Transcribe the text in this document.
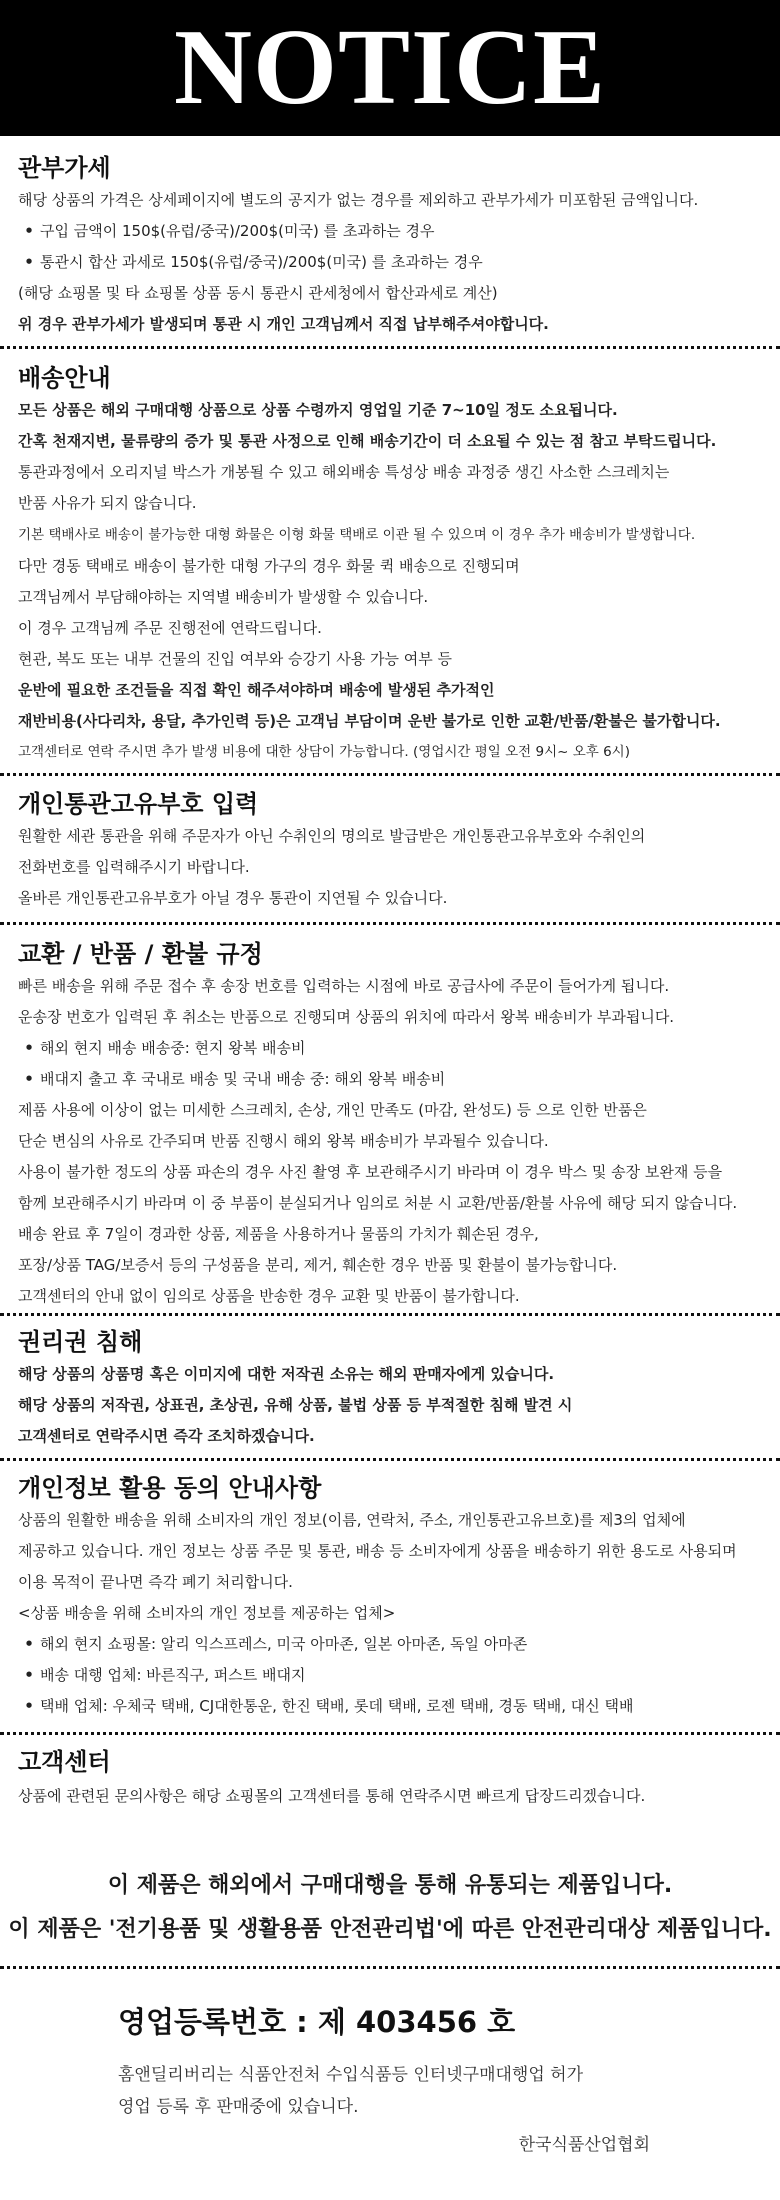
NOTICE
관부가세
해당 상품의 가격은 상세페이지에 별도의 공지가 없는 경우를 제외하고 관부가세가 미포함된 금액입니다.
• 구입 금액이 150$(유럽/중국)/200$(미국) 를 초과하는 경우
• 통관시 합산 과세로 150$(유럽/중국)/200$(미국) 를 초과하는 경우
(해당 쇼핑몰 및 타 쇼핑몰 상품 동시 통관시 관세청에서 합산과세로 계산)
위 경우 관부가세가 발생되며 통관 시 개인 고객님께서 직접 납부해주셔야합니다.
배송안내
모든 상품은 해외 구매대행 상품으로 상품 수령까지 영업일 기준 7~10일 정도 소요됩니다.
간혹 천재지변, 물류량의 증가 및 통관 사정으로 인해 배송기간이 더 소요될 수 있는 점 참고 부탁드립니다.
통관과정에서 오리지널 박스가 개봉될 수 있고 해외배송 특성상 배송 과정중 생긴 사소한 스크레치는
반품 사유가 되지 않습니다.
기본 택배사로 배송이 불가능한 대형 화물은 이형 화물 택배로 이관 될 수 있으며 이 경우 추가 배송비가 발생합니다.
다만 경동 택배로 배송이 불가한 대형 가구의 경우 화물 퀵 배송으로 진행되며
고객님께서 부담해야하는 지역별 배송비가 발생할 수 있습니다.
이 경우 고객님께 주문 진행전에 연락드립니다.
현관, 복도 또는 내부 건물의 진입 여부와 승강기 사용 가능 여부 등
운반에 필요한 조건들을 직접 확인 해주셔야하며 배송에 발생된 추가적인
재반비용(사다리차, 용달, 추가인력 등)은 고객님 부담이며 운반 불가로 인한 교환/반품/환불은 불가합니다.
고객센터로 연락 주시면 추가 발생 비용에 대한 상담이 가능합니다. (영업시간 평일 오전 9시~ 오후 6시)
개인통관고유부호 입력
원활한 세관 통관을 위해 주문자가 아닌 수취인의 명의로 발급받은 개인통관고유부호와 수취인의
전화번호를 입력해주시기 바랍니다.
올바른 개인통관고유부호가 아닐 경우 통관이 지연될 수 있습니다.
교환 / 반품 / 환불 규정
빠른 배송을 위해 주문 접수 후 송장 번호를 입력하는 시점에 바로 공급사에 주문이 들어가게 됩니다.
운송장 번호가 입력된 후 취소는 반품으로 진행되며 상품의 위치에 따라서 왕복 배송비가 부과됩니다.
• 해외 현지 배송 배송중: 현지 왕복 배송비
• 배대지 출고 후 국내로 배송 및 국내 배송 중: 해외 왕복 배송비
제품 사용에 이상이 없는 미세한 스크레치, 손상, 개인 만족도 (마감, 완성도) 등 으로 인한 반품은
단순 변심의 사유로 간주되며 반품 진행시 해외 왕복 배송비가 부과될수 있습니다.
사용이 불가한 정도의 상품 파손의 경우 사진 촬영 후 보관해주시기 바라며 이 경우 박스 및 송장 보완재 등을
함께 보관해주시기 바라며 이 중 부품이 분실되거나 임의로 처분 시 교환/반품/환불 사유에 해당 되지 않습니다.
배송 완료 후 7일이 경과한 상품, 제품을 사용하거나 물품의 가치가 훼손된 경우,
포장/상품 TAG/보증서 등의 구성품을 분리, 제거, 훼손한 경우 반품 및 환불이 불가능합니다.
고객센터의 안내 없이 임의로 상품을 반송한 경우 교환 및 반품이 불가합니다.
권리권 침해
해당 상품의 상품명 혹은 이미지에 대한 저작권 소유는 해외 판매자에게 있습니다.
해당 상품의 저작권, 상표권, 초상권, 유해 상품, 불법 상품 등 부적절한 침해 발견 시
고객센터로 연락주시면 즉각 조치하겠습니다.
개인정보 활용 동의 안내사항
상품의 원활한 배송을 위해 소비자의 개인 정보(이름, 연락처, 주소, 개인통관고유브호)를 제3의 업체에
제공하고 있습니다. 개인 정보는 상품 주문 및 통관, 배송 등 소비자에게 상품을 배송하기 위한 용도로 사용되며
이용 목적이 끝나면 즉각 폐기 처리합니다.
<상품 배송을 위해 소비자의 개인 정보를 제공하는 업체>
• 해외 현지 쇼핑몰: 알리 익스프레스, 미국 아마존, 일본 아마존, 독일 아마존
• 배송 대행 업체: 바른직구, 퍼스트 배대지
• 택배 업체: 우체국 택배, CJ대한통운, 한진 택배, 롯데 택배, 로젠 택배, 경동 택배, 대신 택배
고객센터
상품에 관련된 문의사항은 해당 쇼핑몰의 고객센터를 통해 연락주시면 빠르게 답장드리겠습니다.
이 제품은 해외에서 구매대행을 통해 유통되는 제품입니다.
이 제품은 '전기용품 및 생활용품 안전관리법'에 따른 안전관리대상 제품입니다.
영업등록번호 : 제 403456 호
홈앤딜리버리는 식품안전처 수입식품등 인터넷구매대행업 허가
영업 등록 후 판매중에 있습니다.
한국식품산업협회
